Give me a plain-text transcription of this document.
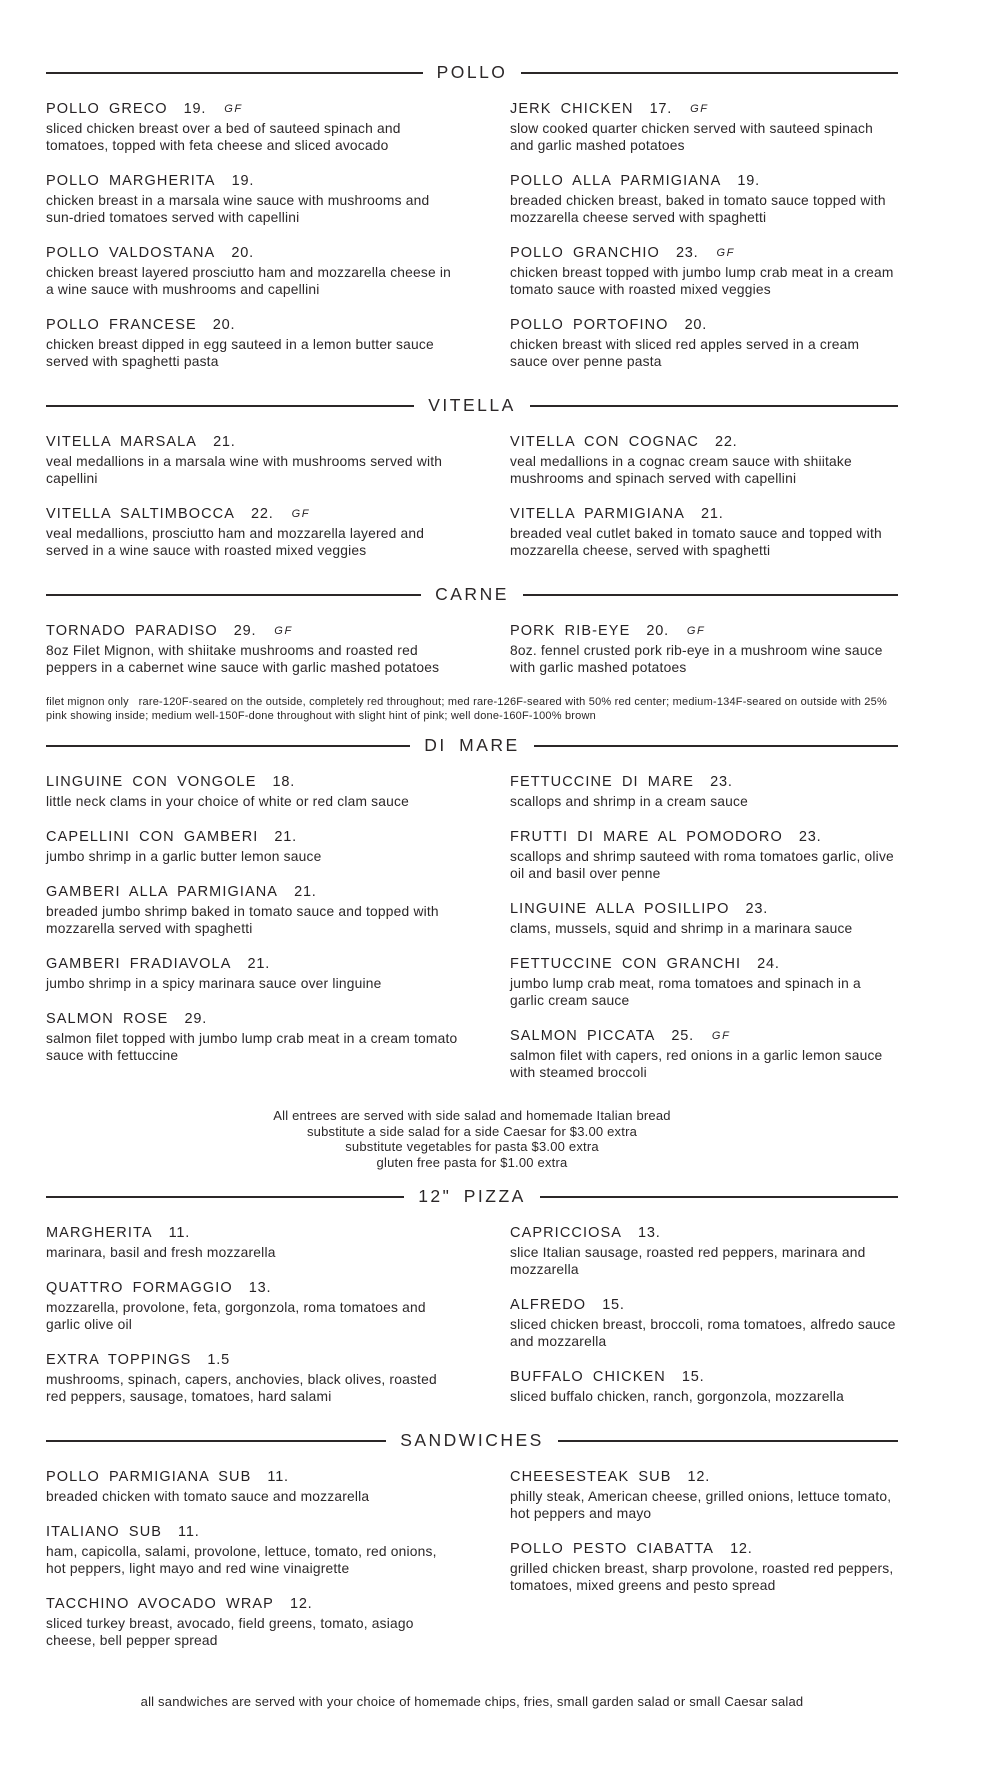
POLLO
POLLO GRECO 19. GF
sliced chicken breast over a bed of sauteed spinach and tomatoes, topped with feta cheese and sliced avocado
POLLO MARGHERITA 19.
chicken breast in a marsala wine sauce with mushrooms and sun-dried tomatoes served with capellini
POLLO VALDOSTANA 20.
chicken breast layered prosciutto ham and mozzarella cheese in a wine sauce with mushrooms and capellini
POLLO FRANCESE 20.
chicken breast dipped in egg sauteed in a lemon butter sauce served with spaghetti pasta
JERK CHICKEN 17. GF
slow cooked quarter chicken served with sauteed spinach and garlic mashed potatoes
POLLO ALLA PARMIGIANA 19.
breaded chicken breast, baked in tomato sauce topped with mozzarella cheese served with spaghetti
POLLO GRANCHIO 23. GF
chicken breast topped with jumbo lump crab meat in a cream tomato sauce with roasted mixed veggies
POLLO PORTOFINO 20.
chicken breast with sliced red apples served in a cream sauce over penne pasta
VITELLA
VITELLA MARSALA 21.
veal medallions in a marsala wine with mushrooms served with capellini
VITELLA SALTIMBOCCA 22. GF
veal medallions, prosciutto ham and mozzarella layered and served in a wine sauce with roasted mixed veggies
VITELLA CON COGNAC 22.
veal medallions in a cognac cream sauce with shiitake mushrooms and spinach served with capellini
VITELLA PARMIGIANA 21.
breaded veal cutlet baked in tomato sauce and topped with mozzarella cheese, served with spaghetti
CARNE
TORNADO PARADISO 29. GF
8oz Filet Mignon, with shiitake mushrooms and roasted red peppers in a cabernet wine sauce with garlic mashed potatoes
PORK RIB-EYE 20. GF
8oz. fennel crusted pork rib-eye in a mushroom wine sauce with garlic mashed potatoes
filet mignon only   rare-120F-seared on the outside, completely red throughout; med rare-126F-seared with 50% red center; medium-134F-seared on outside with 25% pink showing inside; medium well-150F-done throughout with slight hint of pink; well done-160F-100% brown
DI MARE
LINGUINE CON VONGOLE 18.
little neck clams in your choice of white or red clam sauce
CAPELLINI CON GAMBERI 21.
jumbo shrimp in a garlic butter lemon sauce
GAMBERI ALLA PARMIGIANA 21.
breaded jumbo shrimp baked in tomato sauce and topped with mozzarella served with spaghetti
GAMBERI FRADIAVOLA 21.
jumbo shrimp in a spicy marinara sauce over linguine
SALMON ROSE 29.
salmon filet topped with jumbo lump crab meat in a cream tomato sauce with fettuccine
FETTUCCINE DI MARE 23.
scallops and shrimp in a cream sauce
FRUTTI DI MARE AL POMODORO 23.
scallops and shrimp sauteed with roma tomatoes garlic, olive oil and basil over penne
LINGUINE ALLA POSILLIPO 23.
clams, mussels, squid and shrimp in a marinara sauce
FETTUCCINE CON GRANCHI 24.
jumbo lump crab meat, roma tomatoes and spinach in a garlic cream sauce
SALMON PICCATA 25. GF
salmon filet with capers, red onions in a garlic lemon sauce with steamed broccoli
All entrees are served with side salad and homemade Italian bread
substitute a side salad for a side Caesar for $3.00 extra
substitute vegetables for pasta $3.00 extra
gluten free pasta for $1.00 extra
12" PIZZA
MARGHERITA 11.
marinara, basil and fresh mozzarella
QUATTRO FORMAGGIO 13.
mozzarella, provolone, feta, gorgonzola, roma tomatoes and garlic olive oil
EXTRA TOPPINGS 1.5
mushrooms, spinach, capers, anchovies, black olives, roasted red peppers, sausage, tomatoes, hard salami
CAPRICCIOSA 13.
slice Italian sausage, roasted red peppers, marinara and mozzarella
ALFREDO 15.
sliced chicken breast, broccoli, roma tomatoes, alfredo sauce and mozzarella
BUFFALO CHICKEN 15.
sliced buffalo chicken, ranch, gorgonzola, mozzarella
SANDWICHES
POLLO PARMIGIANA SUB 11.
breaded chicken with tomato sauce and mozzarella
ITALIANO SUB 11.
ham, capicolla, salami, provolone, lettuce, tomato, red onions, hot peppers, light mayo and red wine vinaigrette
TACCHINO AVOCADO WRAP 12.
sliced turkey breast, avocado, field greens, tomato, asiago cheese, bell pepper spread
CHEESESTEAK SUB 12.
philly steak, American cheese, grilled onions, lettuce tomato, hot peppers and mayo
POLLO PESTO CIABATTA 12.
grilled chicken breast, sharp provolone, roasted red peppers, tomatoes, mixed greens and pesto spread
all sandwiches are served with your choice of homemade chips, fries, small garden salad or small Caesar salad
